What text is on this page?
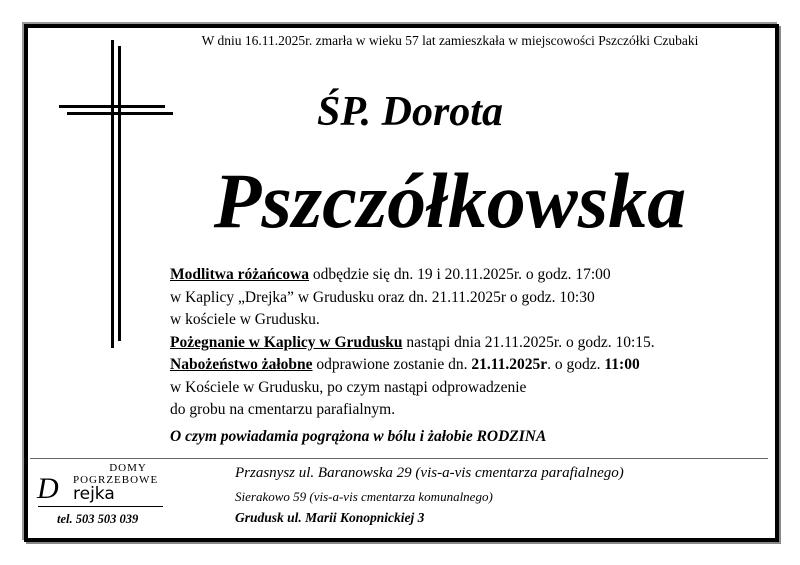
W dniu 16.11.2025r. zmarła w wieku 57 lat zamieszkała w miejscowości Pszczółki Czubaki
ŚP. Dorota
Pszczółkowska
Modlitwa różańcowa odbędzie się dn. 19 i 20.11.2025r. o godz. 17:00
w Kaplicy „Drejka” w Grudusku oraz dn. 21.11.2025r o godz. 10:30
w kościele w Grudusku.
Pożegnanie w Kaplicy w Grudusku nastąpi dnia 21.11.2025r. o godz. 10:15.
Nabożeństwo żałobne odprawione zostanie dn. 21.11.2025r. o godz. 11:00
w Kościele w Grudusku, po czym nastąpi odprowadzenie
do grobu na cmentarzu parafialnym.
O czym powiadamia pogrążona w bólu i żałobie RODZINA
DOMY
POGRZEBOWE
D rejka
tel. 503 503 039
Przasnysz ul. Baranowska 29 (vis-a-vis cmentarza parafialnego)
Sierakowo 59 (vis-a-vis cmentarza komunalnego)
Grudusk ul. Marii Konopnickiej 3
